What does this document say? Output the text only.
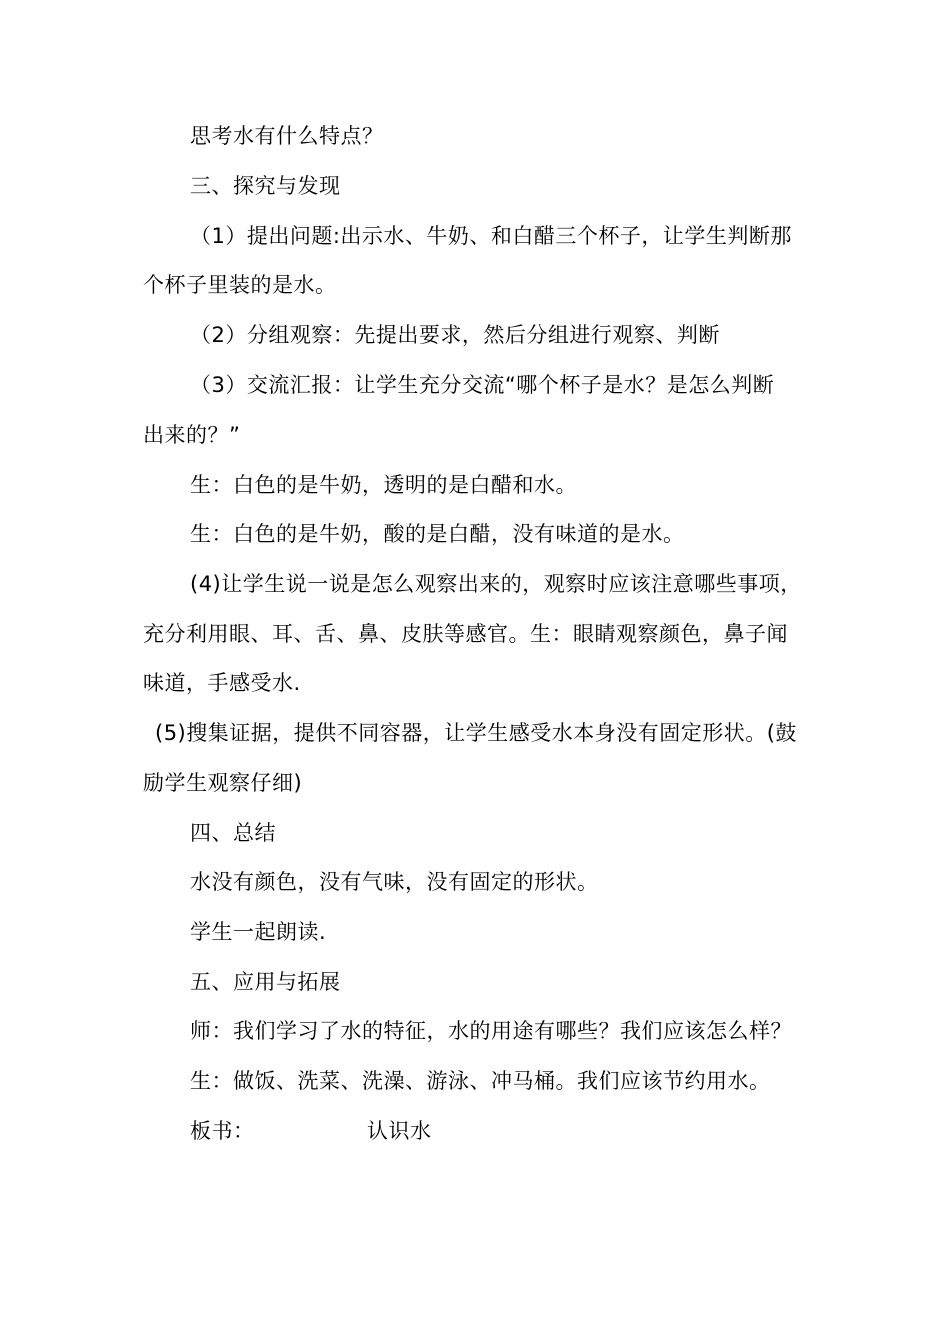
思考水有什么特点？
三、探究与发现
（1）提出问题:出示水、牛奶、和白醋三个杯子，让学生判断那
个杯子里装的是水。
（2）分组观察：先提出要求，然后分组进行观察、判断
（3）交流汇报：让学生充分交流“哪个杯子是水？是怎么判断
出来的？”
生：白色的是牛奶，透明的是白醋和水。
生：白色的是牛奶，酸的是白醋，没有味道的是水。
(4)让学生说一说是怎么观察出来的，观察时应该注意哪些事项，
充分利用眼、耳、舌、鼻、皮肤等感官。生：眼睛观察颜色，鼻子闻
味道，手感受水.
(5)搜集证据，提供不同容器，让学生感受水本身没有固定形状。(鼓
励学生观察仔细)
四、总结
水没有颜色，没有气味，没有固定的形状。
学生一起朗读.
五、应用与拓展
师：我们学习了水的特征，水的用途有哪些？我们应该怎么样？
生：做饭、洗菜、洗澡、游泳、冲马桶。我们应该节约用水。
板书：	认识水
